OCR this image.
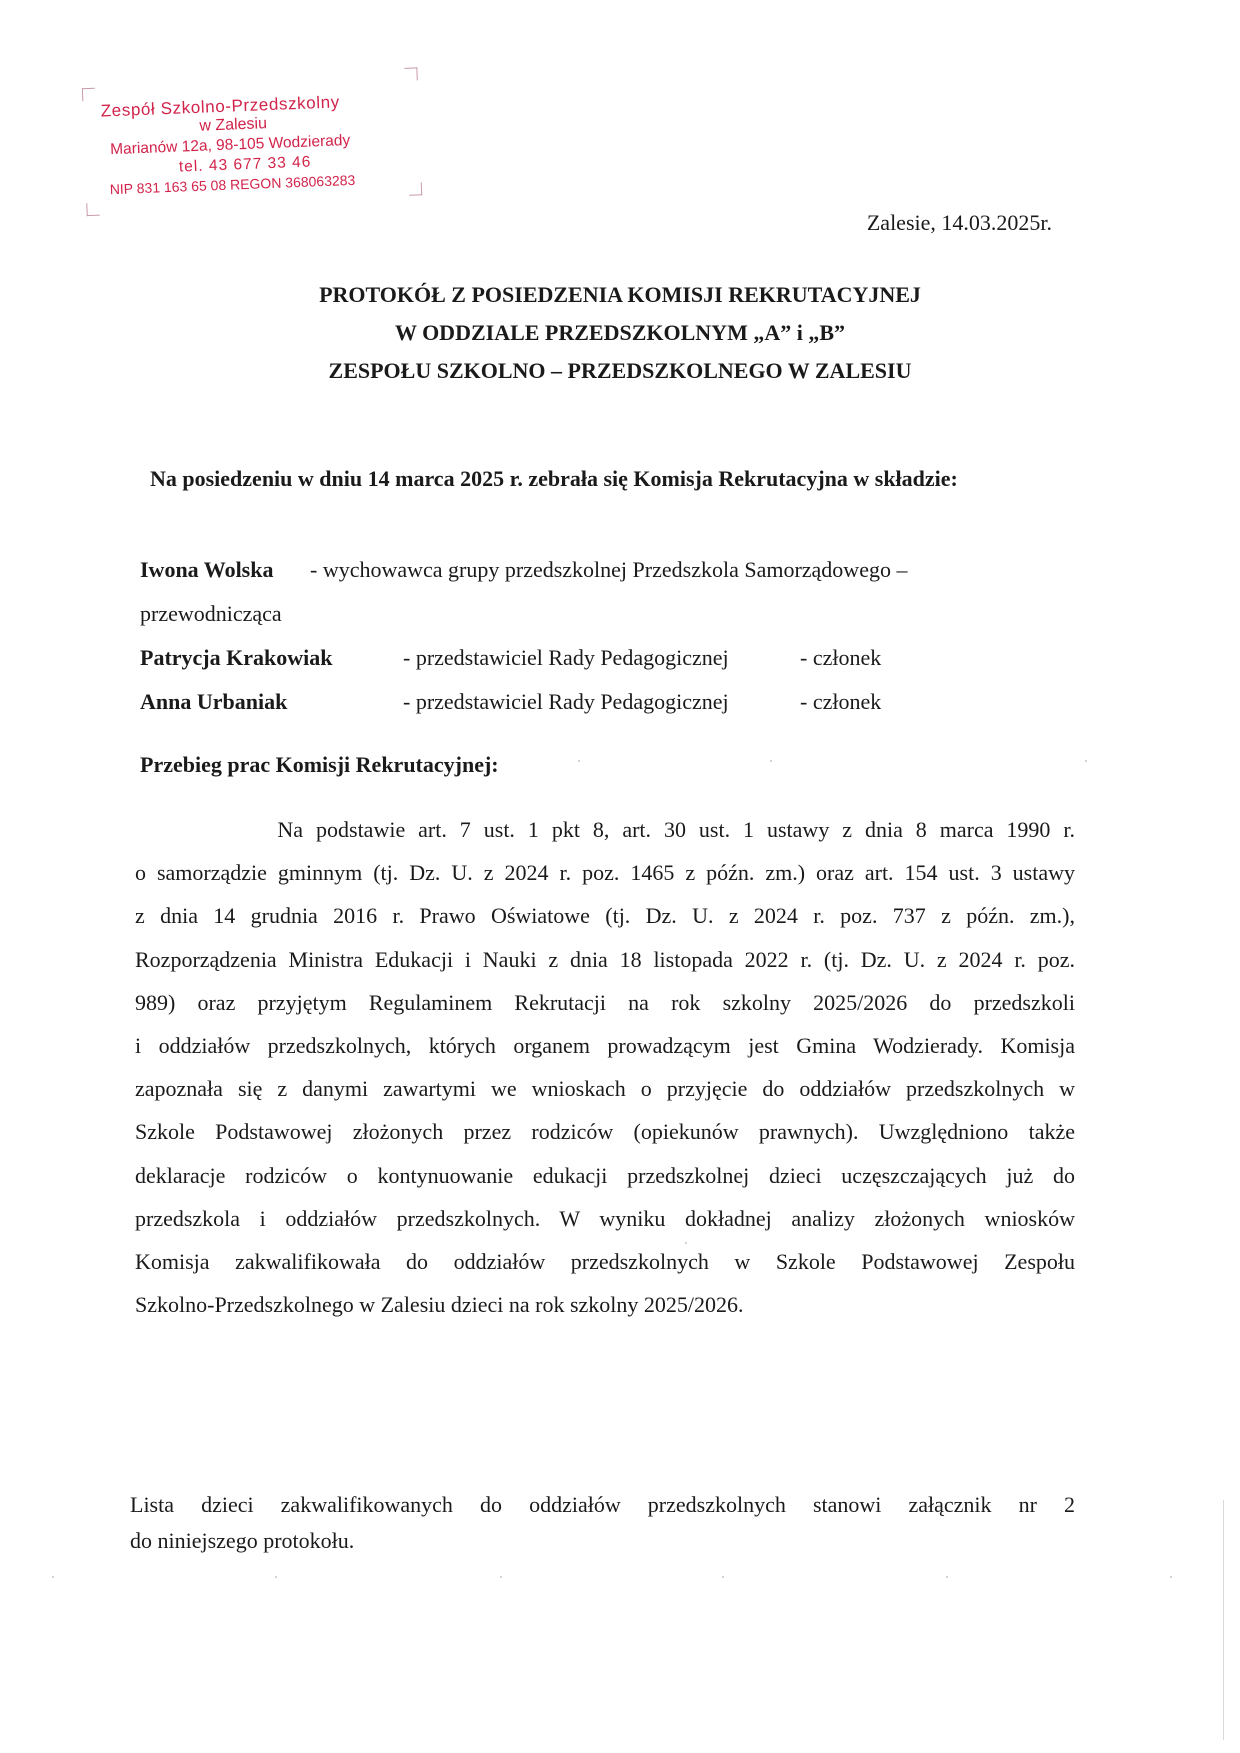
Zespół Szkolno-Przedszkolny
w Zalesiu
Marianów 12a, 98-105 Wodzierady
tel. 43 677 33 46
NIP 831 163 65 08 REGON 368063283
Zalesie, 14.03.2025r.
PROTOKÓŁ Z POSIEDZENIA KOMISJI REKRUTACYJNEJ
W ODDZIALE PRZEDSZKOLNYM „A” i „B”
ZESPOŁU SZKOLNO – PRZEDSZKOLNEGO W ZALESIU
Na posiedzeniu w dniu 14 marca 2025 r. zebrała się Komisja Rekrutacyjna w składzie:
Iwona Wolska - wychowawca grupy przedszkolnej Przedszkola Samorządowego –
przewodnicząca
Patrycja Krakowiak	- przedstawiciel Rady Pedagogicznej	- członek
Anna Urbaniak	- przedstawiciel Rady Pedagogicznej	- członek
Przebieg prac Komisji Rekrutacyjnej:
Na podstawie art. 7 ust. 1 pkt 8, art. 30 ust. 1 ustawy z dnia 8 marca 1990 r.
o samorządzie gminnym (tj. Dz. U. z 2024 r. poz. 1465 z późn. zm.) oraz art. 154 ust. 3 ustawy
z dnia 14 grudnia 2016 r. Prawo Oświatowe (tj. Dz. U. z 2024 r. poz. 737 z późn. zm.),
Rozporządzenia Ministra Edukacji i Nauki z dnia 18 listopada 2022 r. (tj. Dz. U. z 2024 r. poz.
989) oraz przyjętym Regulaminem Rekrutacji na rok szkolny 2025/2026 do przedszkoli
i oddziałów przedszkolnych, których organem prowadzącym jest Gmina Wodzierady. Komisja
zapoznała się z danymi zawartymi we wnioskach o przyjęcie do oddziałów przedszkolnych w
Szkole Podstawowej złożonych przez rodziców (opiekunów prawnych). Uwzględniono także
deklaracje rodziców o kontynuowanie edukacji przedszkolnej dzieci uczęszczających już do
przedszkola i oddziałów przedszkolnych. W wyniku dokładnej analizy złożonych wniosków
Komisja zakwalifikowała do oddziałów przedszkolnych w Szkole Podstawowej Zespołu
Szkolno-Przedszkolnego w Zalesiu dzieci na rok szkolny 2025/2026.
Lista dzieci zakwalifikowanych do oddziałów przedszkolnych stanowi załącznik nr 2
do niniejszego protokołu.
